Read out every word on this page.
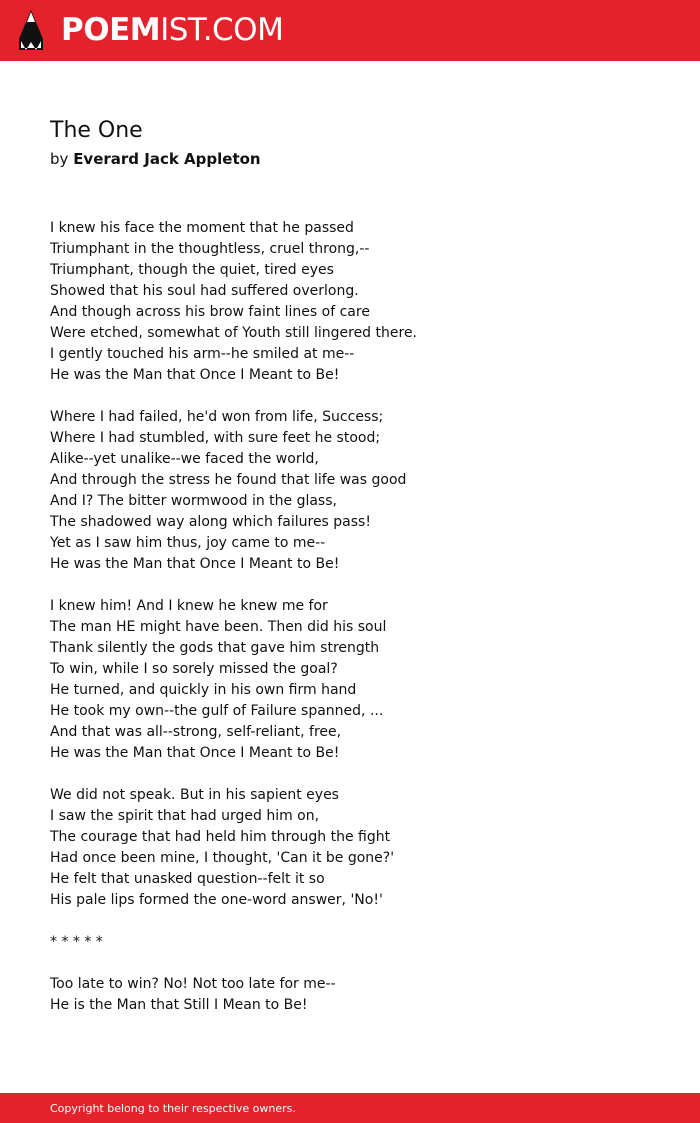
POEMIST.COM
The One
by Everard Jack Appleton
I knew his face the moment that he passed
Triumphant in the thoughtless, cruel throng,--
Triumphant, though the quiet, tired eyes
Showed that his soul had suffered overlong.
And though across his brow faint lines of care
Were etched, somewhat of Youth still lingered there.
I gently touched his arm--he smiled at me--
He was the Man that Once I Meant to Be!
Where I had failed, he'd won from life, Success;
Where I had stumbled, with sure feet he stood;
Alike--yet unalike--we faced the world,
And through the stress he found that life was good
And I? The bitter wormwood in the glass,
The shadowed way along which failures pass!
Yet as I saw him thus, joy came to me--
He was the Man that Once I Meant to Be!
I knew him! And I knew he knew me for
The man HE might have been. Then did his soul
Thank silently the gods that gave him strength
To win, while I so sorely missed the goal?
He turned, and quickly in his own firm hand
He took my own--the gulf of Failure spanned, ...
And that was all--strong, self-reliant, free,
He was the Man that Once I Meant to Be!
We did not speak. But in his sapient eyes
I saw the spirit that had urged him on,
The courage that had held him through the fight
Had once been mine, I thought, 'Can it be gone?'
He felt that unasked question--felt it so
His pale lips formed the one-word answer, 'No!'
* * * * *
Too late to win? No! Not too late for me--
He is the Man that Still I Mean to Be!
Copyright belong to their respective owners.
